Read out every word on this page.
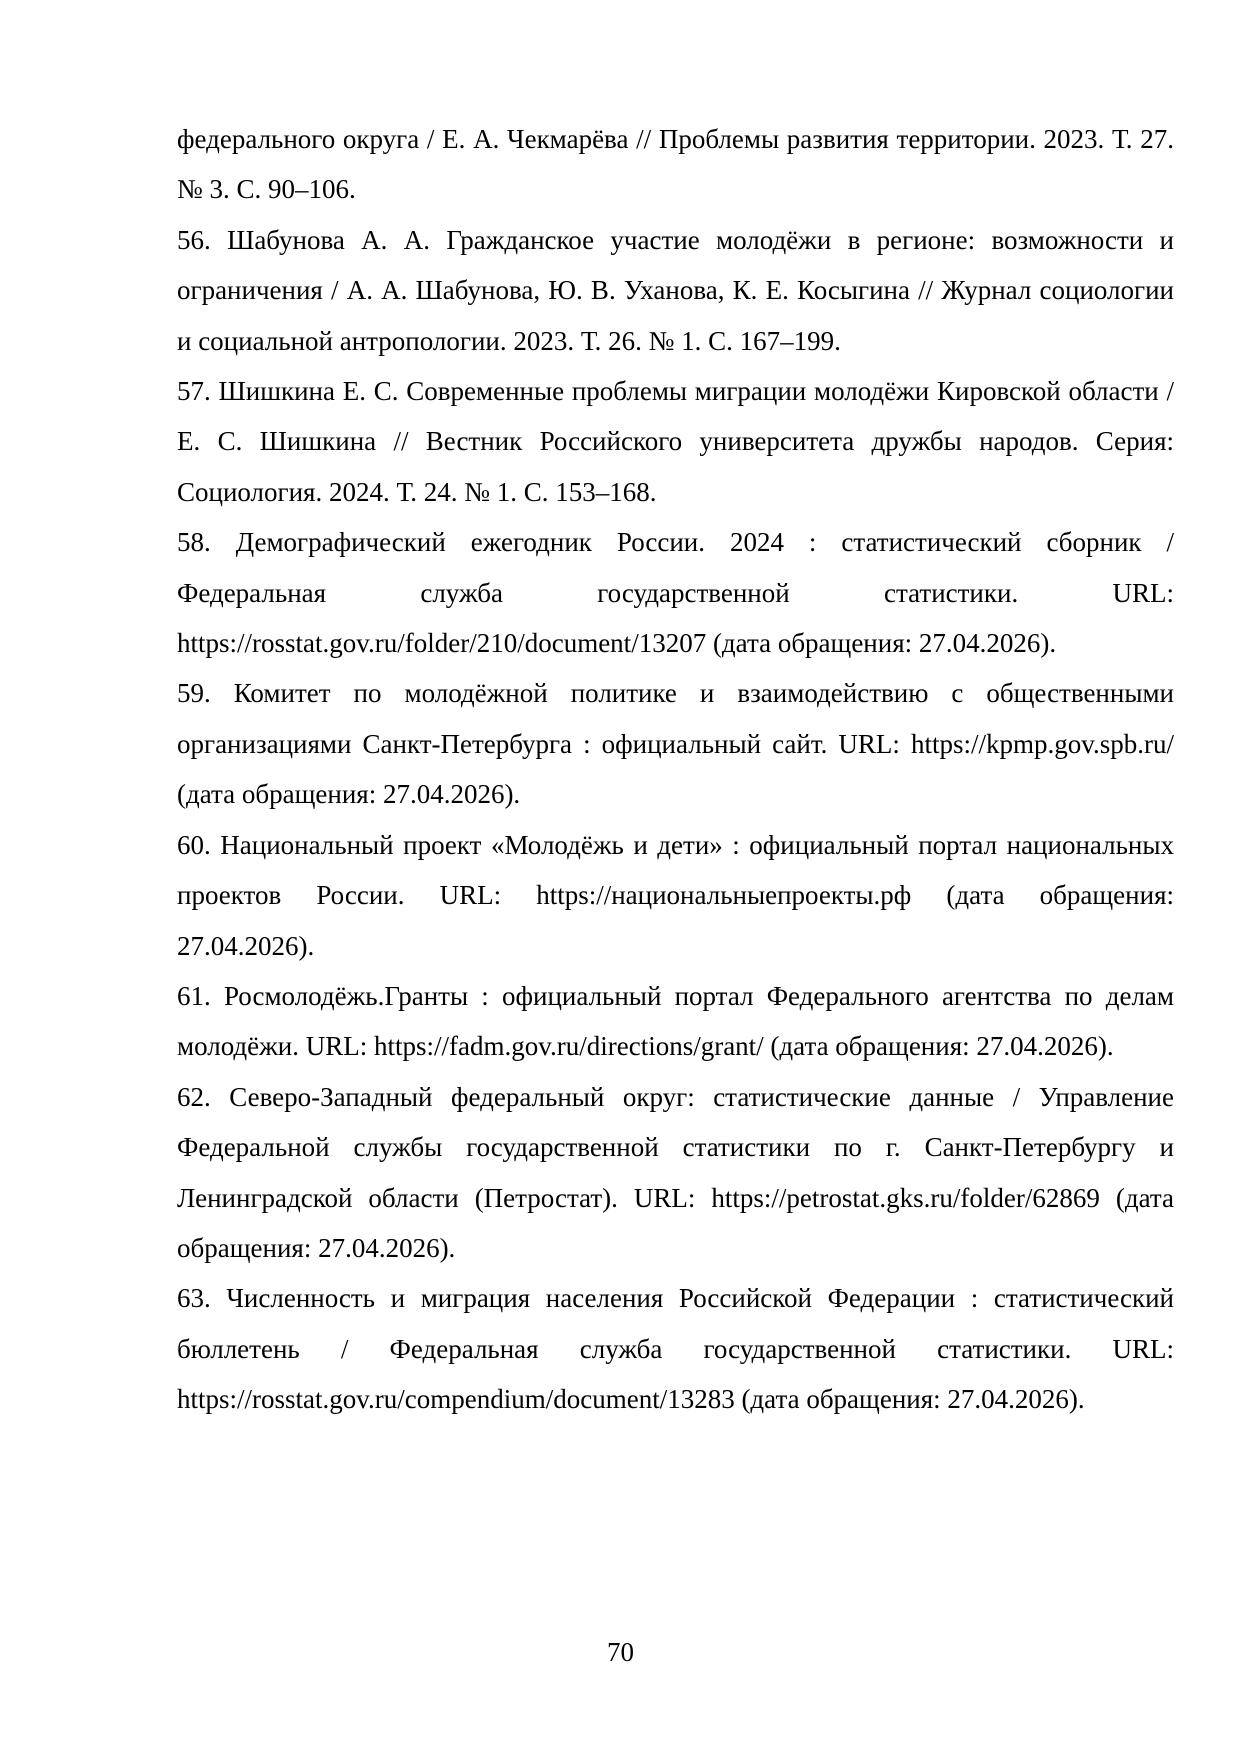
федерального округа / Е. А. Чекмарёва // Проблемы развития территории. 2023. Т. 27. № 3. С. 90–106.

56. Шабунова А. А. Гражданское участие молодёжи в регионе: возможности и ограничения / А. А. Шабунова, Ю. В. Уханова, К. Е. Косыгина // Журнал социологии и социальной антропологии. 2023. Т. 26. № 1. С. 167–199.

57. Шишкина Е. С. Современные проблемы миграции молодёжи Кировской области / Е. С. Шишкина // Вестник Российского университета дружбы народов. Серия: Социология. 2024. Т. 24. № 1. С. 153–168.

58. Демографический ежегодник России. 2024 : статистический сборник / Федеральная служба государственной статистики. URL: https://rosstat.gov.ru/folder/210/document/13207 (дата обращения: 27.04.2026).

59. Комитет по молодёжной политике и взаимодействию с общественными организациями Санкт-Петербурга : официальный сайт. URL: https://kpmp.gov.spb.ru/ (дата обращения: 27.04.2026).

60. Национальный проект «Молодёжь и дети» : официальный портал национальных проектов России. URL: https://национальныепроекты.рф (дата обращения: 27.04.2026).

61. Росмолодёжь.Гранты : официальный портал Федерального агентства по делам молодёжи. URL: https://fadm.gov.ru/directions/grant/ (дата обращения: 27.04.2026).

62. Северо-Западный федеральный округ: статистические данные / Управление Федеральной службы государственной статистики по г. Санкт-Петербургу и Ленинградской области (Петростат). URL: https://petrostat.gks.ru/folder/62869 (дата обращения: 27.04.2026).

63. Численность и миграция населения Российской Федерации : статистический бюллетень / Федеральная служба государственной статистики. URL: https://rosstat.gov.ru/compendium/document/13283 (дата обращения: 27.04.2026).

70
